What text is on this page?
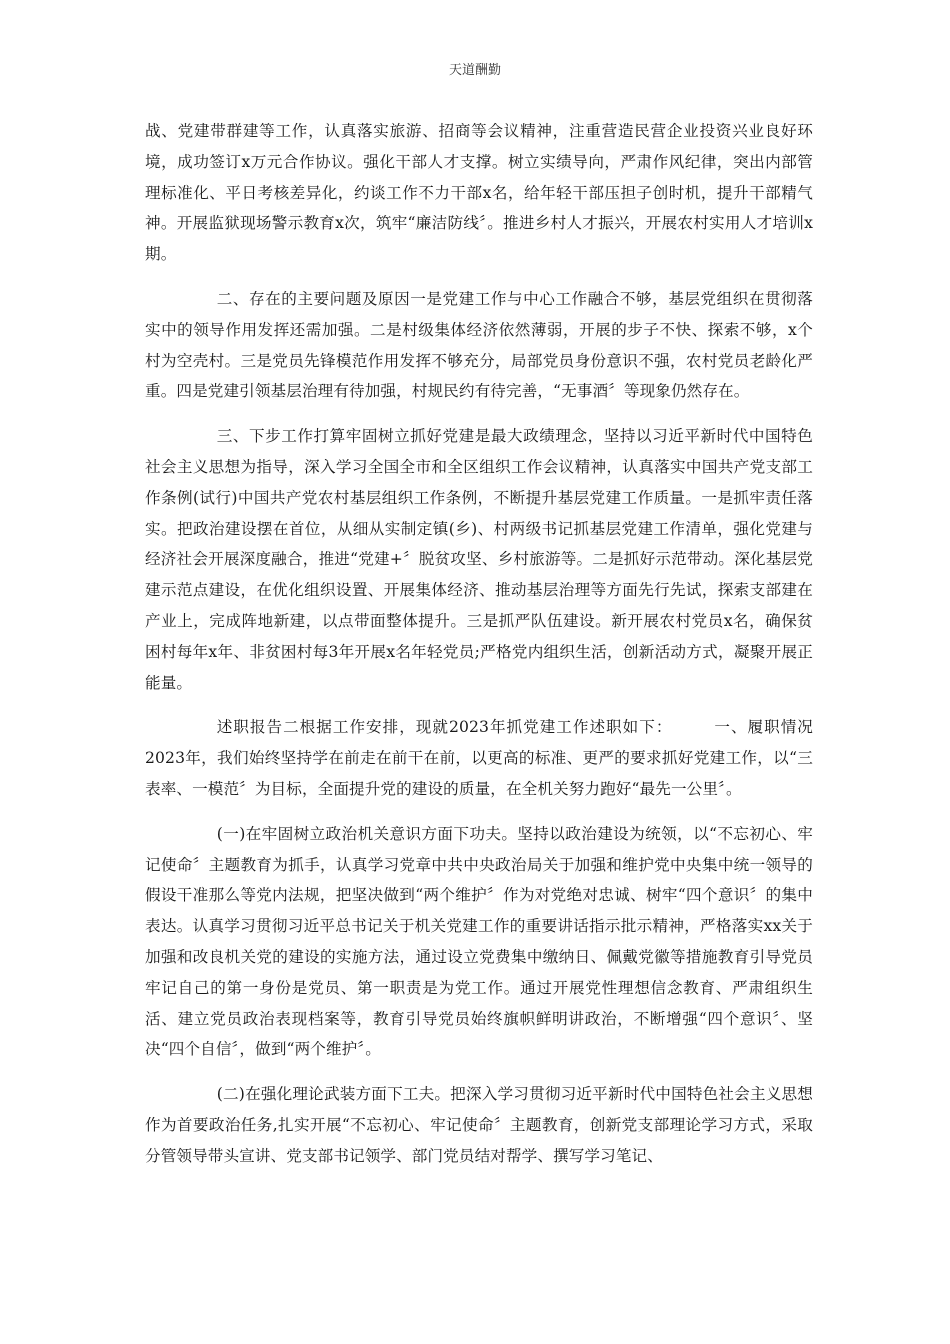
天道酬勤

战、党建带群建等工作，认真落实旅游、招商等会议精神，注重营造民营企业投资兴业良好环境，成功签订x万元合作协议。强化干部人才支撑。树立实绩导向，严肃作风纪律，突出内部管理标准化、平日考核差异化，约谈工作不力干部x名，给年轻干部压担子创时机，提升干部精气神。开展监狱现场警示教育x次，筑牢“廉洁防线〞。推进乡村人才振兴，开展农村实用人才培训x期。

二、存在的主要问题及原因一是党建工作与中心工作融合不够，基层党组织在贯彻落实中的领导作用发挥还需加强。二是村级集体经济依然薄弱，开展的步子不快、探索不够，x个村为空壳村。三是党员先锋模范作用发挥不够充分，局部党员身份意识不强，农村党员老龄化严重。四是党建引领基层治理有待加强，村规民约有待完善，“无事酒〞等现象仍然存在。

三、下步工作打算牢固树立抓好党建是最大政绩理念，坚持以习近平新时代中国特色社会主义思想为指导，深入学习全国全市和全区组织工作会议精神，认真落实中国共产党支部工作条例(试行)中国共产党农村基层组织工作条例，不断提升基层党建工作质量。一是抓牢责任落实。把政治建设摆在首位，从细从实制定镇(乡)、村两级书记抓基层党建工作清单，强化党建与经济社会开展深度融合，推进“党建+〞脱贫攻坚、乡村旅游等。二是抓好示范带动。深化基层党建示范点建设，在优化组织设置、开展集体经济、推动基层治理等方面先行先试，探索支部建在产业上，完成阵地新建，以点带面整体提升。三是抓严队伍建设。新开展农村党员x名，确保贫困村每年x年、非贫困村每3年开展x名年轻党员;严格党内组织生活，创新活动方式，凝聚开展正能量。

述职报告二根据工作安排，现就2023年抓党建工作述职如下：　　　一、履职情况2023年，我们始终坚持学在前走在前干在前，以更高的标准、更严的要求抓好党建工作，以“三表率、一模范〞为目标，全面提升党的建设的质量，在全机关努力跑好“最先一公里〞。

(一)在牢固树立政治机关意识方面下功夫。坚持以政治建设为统领，以“不忘初心、牢记使命〞主题教育为抓手，认真学习党章中共中央政治局关于加强和维护党中央集中统一领导的假设干准那么等党内法规，把坚决做到“两个维护〞作为对党绝对忠诚、树牢“四个意识〞的集中表达。认真学习贯彻习近平总书记关于机关党建工作的重要讲话指示批示精神，严格落实xx关于加强和改良机关党的建设的实施方法，通过设立党费集中缴纳日、佩戴党徽等措施教育引导党员牢记自己的第一身份是党员、第一职责是为党工作。通过开展党性理想信念教育、严肃组织生活、建立党员政治表现档案等，教育引导党员始终旗帜鲜明讲政治，不断增强“四个意识〞、坚决“四个自信〞，做到“两个维护〞。

(二)在强化理论武装方面下工夫。把深入学习贯彻习近平新时代中国特色社会主义思想作为首要政治任务,扎实开展“不忘初心、牢记使命〞主题教育，创新党支部理论学习方式，采取分管领导带头宣讲、党支部书记领学、部门党员结对帮学、撰写学习笔记、
